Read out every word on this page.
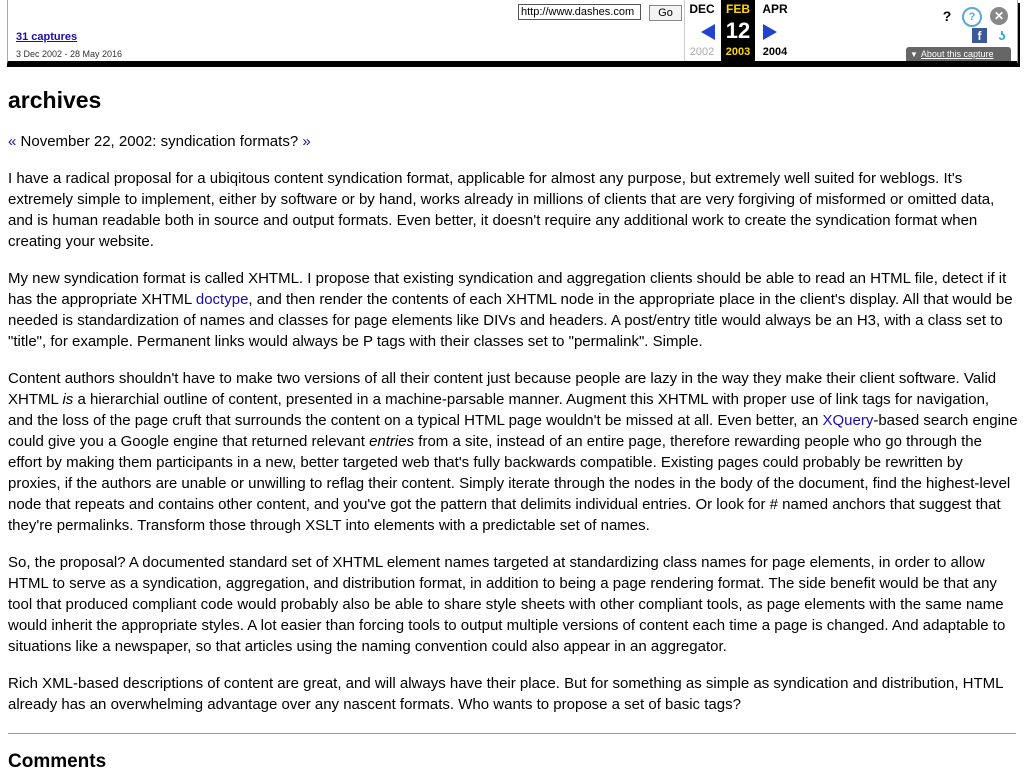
31 captures
3 Dec 2002 - 28 May 2016
http://www.dashes.com
Go	DEC
2002
FEB
12
2003
APR
2004
?	?	✕
f	ʖ
▼ About this capture
archives
« November 22, 2002: syndication formats? »

I have a radical proposal for a ubiqitous content syndication format, applicable for almost any purpose, but extremely well suited for weblogs. It's extremely simple to implement, either by software or by hand, works already in millions of clients that are very forgiving of misformed or omitted data, and is human readable both in source and output formats. Even better, it doesn't require any additional work to create the syndication format when creating your website.

My new syndication format is called XHTML. I propose that existing syndication and aggregation clients should be able to read an HTML file, detect if it has the appropriate XHTML doctype, and then render the contents of each XHTML node in the appropriate place in the client's display. All that would be needed is standardization of names and classes for page elements like DIVs and headers. A post/entry title would always be an H3, with a class set to "title", for example. Permanent links would always be P tags with their classes set to "permalink". Simple.

Content authors shouldn't have to make two versions of all their content just because people are lazy in the way they make their client software. Valid XHTML is a hierarchial outline of content, presented in a machine-parsable manner. Augment this XHTML with proper use of link tags for navigation, and the loss of the page cruft that surrounds the content on a typical HTML page wouldn't be missed at all. Even better, an XQuery-based search engine could give you a Google engine that returned relevant entries from a site, instead of an entire page, therefore rewarding people who go through the effort by making them participants in a new, better targeted web that's fully backwards compatible. Existing pages could probably be rewritten by proxies, if the authors are unable or unwilling to reflag their content. Simply iterate through the nodes in the body of the document, find the highest-level node that repeats and contains other content, and you've got the pattern that delimits individual entries. Or look for # named anchors that suggest that they're permalinks. Transform those through XSLT into elements with a predictable set of names.

So, the proposal? A documented standard set of XHTML element names targeted at standardizing class names for page elements, in order to allow HTML to serve as a syndication, aggregation, and distribution format, in addition to being a page rendering format. The side benefit would be that any tool that produced compliant code would probably also be able to share style sheets with other compliant tools, as page elements with the same name would inherit the appropriate styles. A lot easier than forcing tools to output multiple versions of content each time a page is changed. And adaptable to situations like a newspaper, so that articles using the naming convention could also appear in an aggregator.

Rich XML-based descriptions of content are great, and will always have their place. But for something as simple as syndication and distribution, HTML already has an overwhelming advantage over any nascent formats. Who wants to propose a set of basic tags?

Comments
